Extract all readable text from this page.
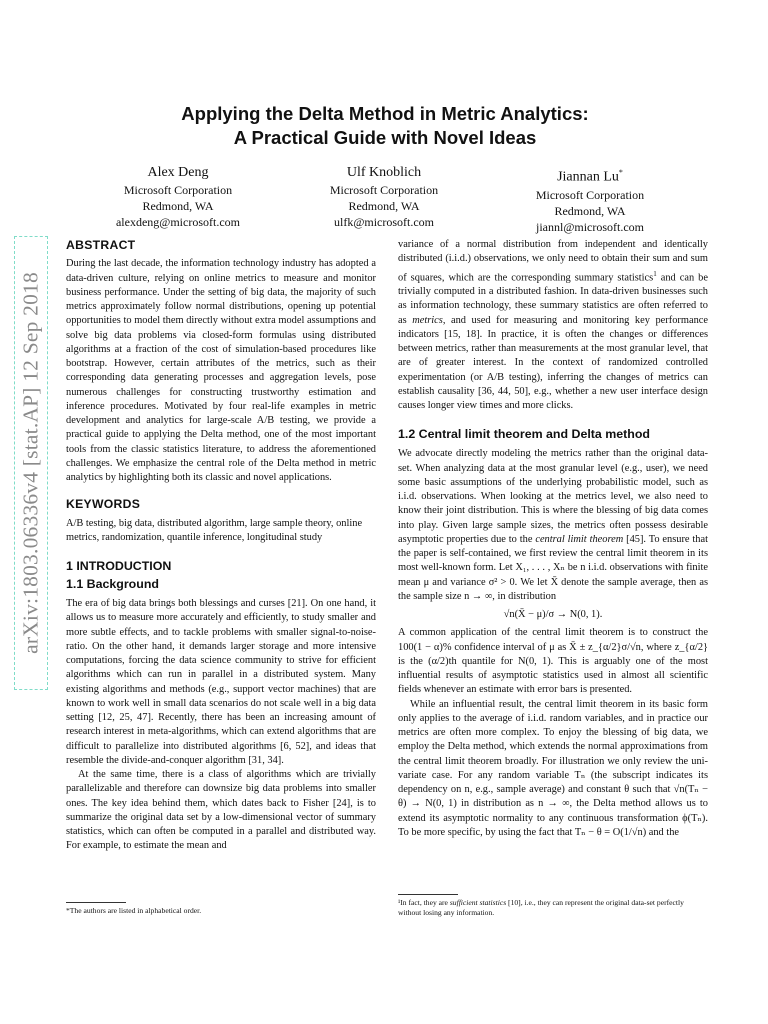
arXiv:1803.06336v4 [stat.AP] 12 Sep 2018
Applying the Delta Method in Metric Analytics:
A Practical Guide with Novel Ideas
Alex Deng
Microsoft Corporation
Redmond, WA
alexdeng@microsoft.com
Ulf Knoblich
Microsoft Corporation
Redmond, WA
ulfk@microsoft.com
Jiannan Lu*
Microsoft Corporation
Redmond, WA
jiannl@microsoft.com
ABSTRACT

During the last decade, the information technology industry has adopted a data-driven culture, relying on online metrics to measure and monitor business performance. Under the setting of big data, the majority of such metrics approximately follow normal distributions, opening up potential opportunities to model them directly without extra model assumptions and solve big data problems via closed-form formulas using distributed algorithms at a fraction of the cost of simulation-based procedures like bootstrap. However, certain attributes of the metrics, such as their corresponding data generating processes and aggregation levels, pose numerous challenges for constructing trustworthy estimation and inference procedures. Motivated by four real-life examples in metric development and analytics for large-scale A/B testing, we provide a practical guide to applying the Delta method, one of the most important tools from the classic statistics literature, to address the aforementioned challenges. We emphasize the central role of the Delta method in metric analytics by highlighting both its classic and novel applications.

KEYWORDS

A/B testing, big data, distributed algorithm, large sample theory, online metrics, randomization, quantile inference, longitudinal study

1 INTRODUCTION
1.1 Background

The era of big data brings both blessings and curses [21]. On one hand, it allows us to measure more accurately and efficiently, to study smaller and more subtle effects, and to tackle problems with smaller signal-to-noise-ratio. On the other hand, it demands larger storage and more intensive computations, forcing the data science community to strive for efficient algorithms which can run in parallel in a distributed system. Many existing algorithms and methods (e.g., support vector machines) that are known to work well in small data scenarios do not scale well in a big data setting [12, 25, 47]. Recently, there has been an increasing amount of research interest in meta-algorithms, which can extend algorithms that are difficult to parallelize into distributed algorithms [6, 52], and ideas that resemble the divide-and-conquer algorithm [31, 34].

At the same time, there is a class of algorithms which are trivially parallelizable and therefore can downsize big data problems into smaller ones. The key idea behind them, which dates back to Fisher [24], is to summarize the original data set by a low-dimensional vector of summary statistics, which can often be computed in a parallel and distributed way. For example, to estimate the mean and

*The authors are listed in alphabetical order.

variance of a normal distribution from independent and identically distributed (i.i.d.) observations, we only need to obtain their sum and sum of squares, which are the corresponding summary statistics$^1$ and can be trivially computed in a distributed fashion. In data-driven businesses such as information technology, these summary statistics are often referred to as metrics, and used for measuring and monitoring key performance indicators [15, 18]. In practice, it is often the changes or differences between metrics, rather than measurements at the most granular level, that are of greater interest. In the context of randomized controlled experimentation (or A/B testing), inferring the changes of metrics can establish causality [36, 44, 50], e.g., whether a new user interface design causes longer view times and more clicks.

1.2 Central limit theorem and Delta method

We advocate directly modeling the metrics rather than the original data-set. When analyzing data at the most granular level (e.g., user), we need some basic assumptions of the underlying probabilistic model, such as i.i.d. observations. When looking at the metrics level, we also need to know their joint distribution. This is where the blessing of big data comes into play. Given large sample sizes, the metrics often possess desirable asymptotic properties due to the central limit theorem [45]. To ensure that the paper is self-contained, we first review the central limit theorem in its most well-known form. Let X₁, . . . , Xₙ be n i.i.d. observations with finite mean μ and variance σ² > 0. We let X̄ denote the sample average, then as the sample size n → ∞, in distribution

√n(X̄ − μ)/σ → N(0, 1).

A common application of the central limit theorem is to construct the 100(1 − α)% confidence interval of μ as X̄ ± z_{α/2}σ/√n, where z_{α/2} is the (α/2)th quantile for N(0, 1). This is arguably one of the most influential results of asymptotic statistics used in almost all scientific fields whenever an estimate with error bars is presented.

While an influential result, the central limit theorem in its basic form only applies to the average of i.i.d. random variables, and in practice our metrics are often more complex. To enjoy the blessing of big data, we employ the Delta method, which extends the normal approximations from the central limit theorem broadly. For illustration we only review the uni-variate case. For any random variable Tₙ (the subscript indicates its dependency on n, e.g., sample average) and constant θ such that √n(Tₙ − θ) → N(0, 1) in distribution as n → ∞, the Delta method allows us to extend its asymptotic normality to any continuous transformation ϕ(Tₙ). To be more specific, by using the fact that Tₙ − θ = O(1/√n) and the

¹In fact, they are sufficient statistics [10], i.e., they can represent the original data-set perfectly without losing any information.
